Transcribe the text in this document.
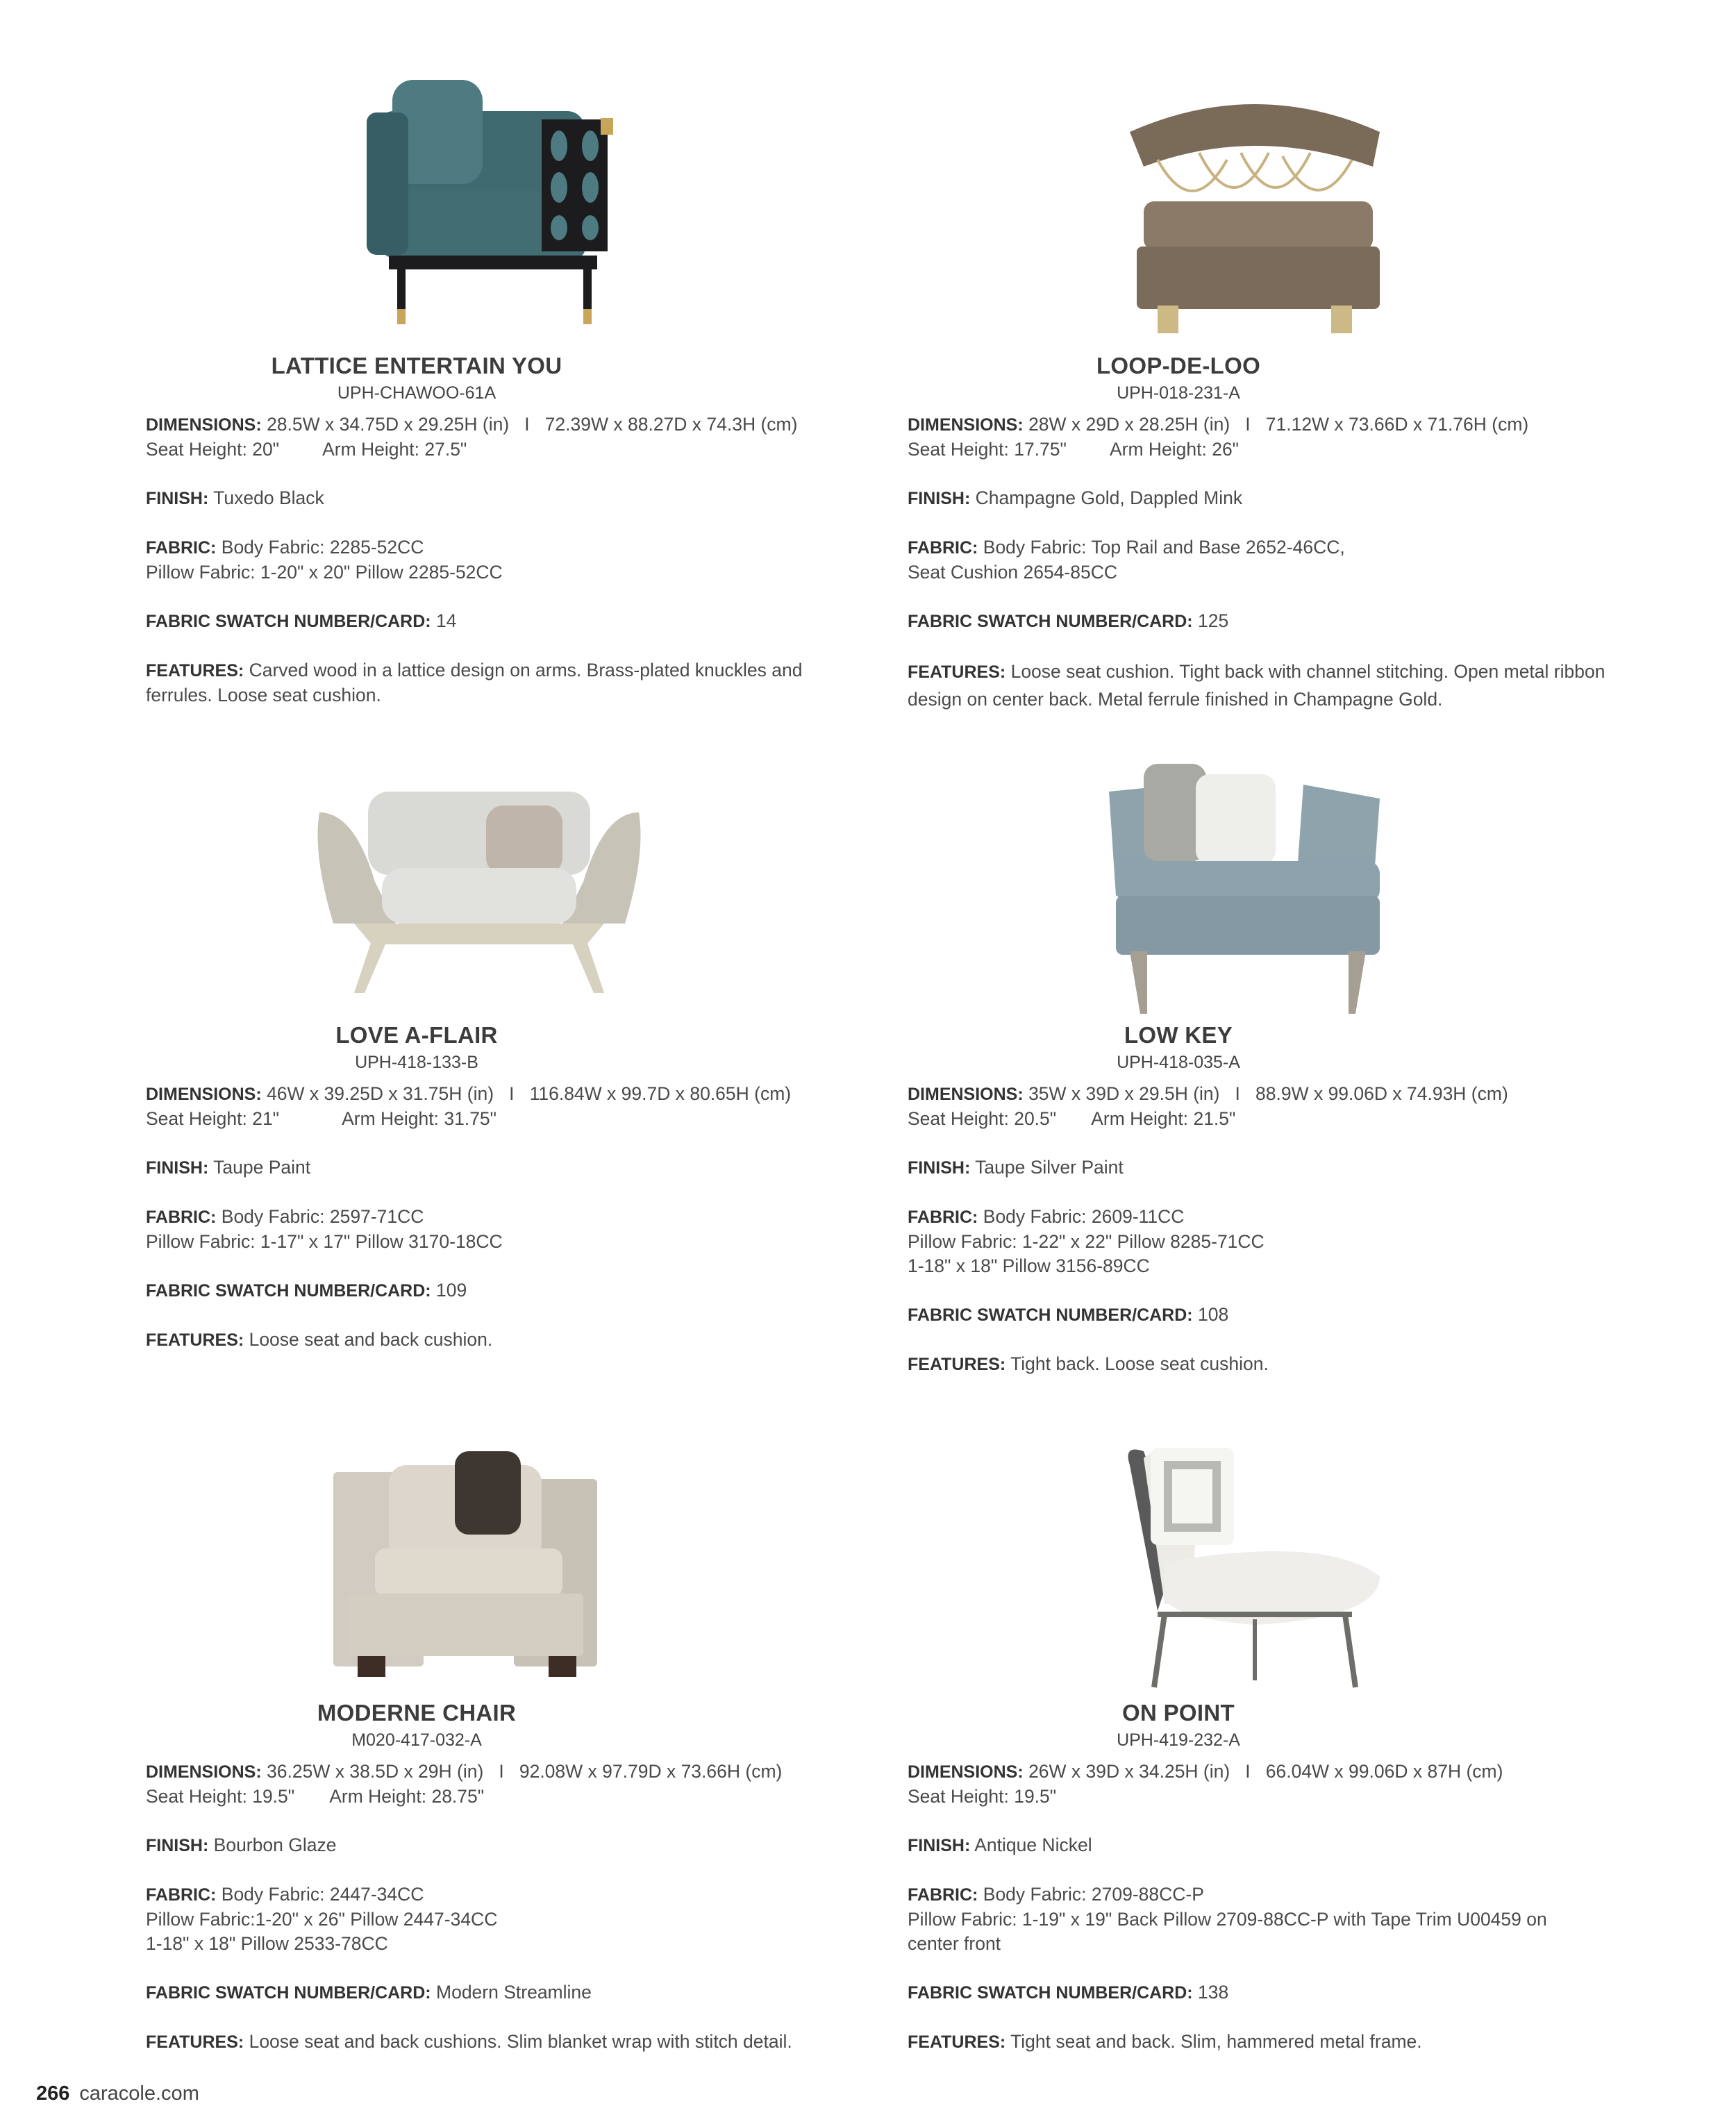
LATTICE ENTERTAIN YOU
UPH-CHAWOO-61A

DIMENSIONS: 28.5W x 34.75D x 29.25H (in)   I   72.39W x 88.27D x 74.3H (cm)

Seat Height: 20" Arm Height: 27.5"

FINISH: Tuxedo Black

FABRIC: Body Fabric: 2285-52CC

Pillow Fabric: 1-20" x 20" Pillow 2285-52CC

FABRIC SWATCH NUMBER/CARD: 14

FEATURES: Carved wood in a lattice design on arms. Brass-plated knuckles and ferrules. Loose seat cushion.

LOOP-DE-LOO
UPH-018-231-A

DIMENSIONS: 28W x 29D x 28.25H (in)   I   71.12W x 73.66D x 71.76H (cm)

Seat Height: 17.75" Arm Height: 26"

FINISH: Champagne Gold, Dappled Mink

FABRIC: Body Fabric: Top Rail and Base 2652-46CC,

Seat Cushion 2654-85CC

FABRIC SWATCH NUMBER/CARD: 125

FEATURES: Loose seat cushion. Tight back with channel stitching. Open metal ribbon design on center back. Metal ferrule finished in Champagne Gold.

LOVE A-FLAIR
UPH-418-133-B

DIMENSIONS: 46W x 39.25D x 31.75H (in)   I   116.84W x 99.7D x 80.65H (cm)

Seat Height: 21"	Arm Height: 31.75"

FINISH: Taupe Paint

FABRIC: Body Fabric: 2597-71CC

Pillow Fabric: 1-17" x 17" Pillow 3170-18CC

FABRIC SWATCH NUMBER/CARD: 109

FEATURES: Loose seat and back cushion.

LOW KEY
UPH-418-035-A

DIMENSIONS: 35W x 39D x 29.5H (in)   I   88.9W x 99.06D x 74.93H (cm)

Seat Height: 20.5" Arm Height: 21.5"

FINISH: Taupe Silver Paint

FABRIC: Body Fabric: 2609-11CC

Pillow Fabric: 1-22" x 22" Pillow 8285-71CC

1-18" x 18" Pillow 3156-89CC

FABRIC SWATCH NUMBER/CARD: 108

FEATURES: Tight back. Loose seat cushion.

MODERNE CHAIR
M020-417-032-A

DIMENSIONS: 36.25W x 38.5D x 29H (in)   I   92.08W x 97.79D x 73.66H (cm)

Seat Height: 19.5" Arm Height: 28.75"

FINISH: Bourbon Glaze

FABRIC: Body Fabric: 2447-34CC

Pillow Fabric:1-20" x 26" Pillow 2447-34CC

1-18" x 18" Pillow 2533-78CC

FABRIC SWATCH NUMBER/CARD: Modern Streamline

FEATURES: Loose seat and back cushions. Slim blanket wrap with stitch detail.

ON POINT
UPH-419-232-A

DIMENSIONS: 26W x 39D x 34.25H (in)   I   66.04W x 99.06D x 87H (cm)

Seat Height: 19.5"

FINISH: Antique Nickel

FABRIC: Body Fabric: 2709-88CC-P

Pillow Fabric: 1-19" x 19" Back Pillow 2709-88CC-P with Tape Trim U00459 on

center front

FABRIC SWATCH NUMBER/CARD: 138

FEATURES: Tight seat and back. Slim, hammered metal frame.

266 caracole.com
